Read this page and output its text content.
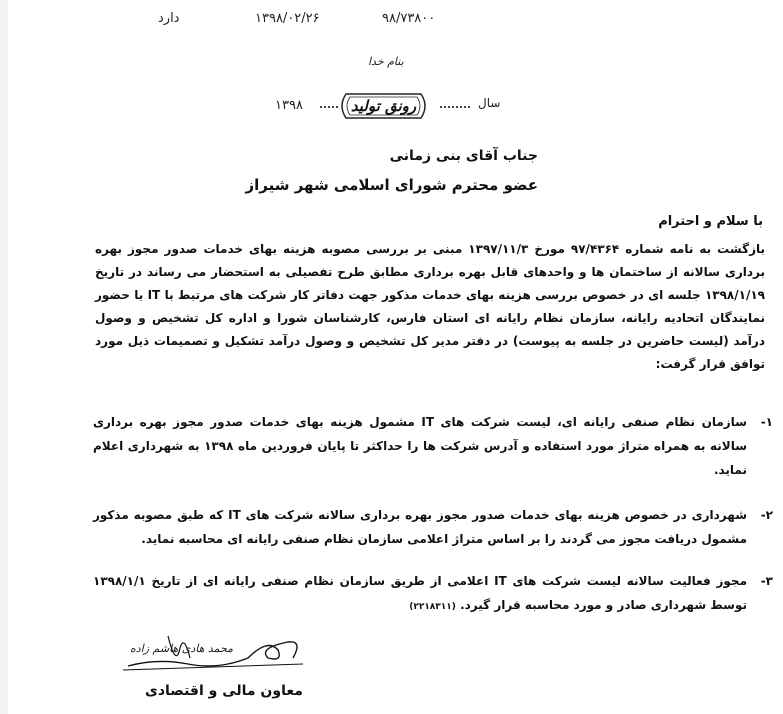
دارد	۱۳۹۸/۰۲/۲۶	۹۸/۷۳۸۰۰
بنام خدا
۱۳۹۸	رونق تولید	سال
جناب آقای بنی زمانی
عضو محترم شورای اسلامی شهر شیراز
با سلام و احترام
بازگشت به نامه شماره ۹۷/۴۳۶۴ مورخ ۱۳۹۷/۱۱/۳ مبنی بر بررسی مصوبه هزینه بهای خدمات صدور مجوز بهره برداری سالانه از ساختمان ها و واحدهای قابل بهره برداری مطابق طرح تفصیلی به استحضار می رساند در تاریخ ۱۳۹۸/۱/۱۹ جلسه ای در خصوص بررسی هزینه بهای خدمات مذکور جهت دفاتر کار شرکت های مرتبط با IT با حضور نمایندگان اتحادیه رایانه، سازمان نظام رایانه ای استان فارس، کارشناسان شورا و اداره کل تشخیص و وصول درآمد (لیست حاضرین در جلسه به پیوست) در دفتر مدیر کل تشخیص و وصول درآمد تشکیل و تصمیمات ذیل مورد توافق قرار گرفت:
۱-
سازمان نظام صنفی رایانه ای، لیست شرکت های IT مشمول هزینه بهای خدمات صدور مجوز بهره برداری سالانه به همراه متراژ مورد استفاده و آدرس شرکت ها را حداکثر تا پایان فروردین ماه ۱۳۹۸ به شهرداری اعلام نماید.
۲-
شهرداری در خصوص هزینه بهای خدمات صدور مجوز بهره برداری سالانه شرکت های IT که طبق مصوبه مذکور مشمول دریافت مجوز می گردند را بر اساس متراژ اعلامی سازمان نظام صنفی رایانه ای محاسبه نماید.
۳-
مجوز فعالیت سالانه لیست شرکت های IT اعلامی از طریق سازمان نظام صنفی رایانه ای از تاریخ ۱۳۹۸/۱/۱ توسط شهرداری صادر و مورد محاسبه قرار گیرد. (۲۲۱۸۳۱۱)
محمد هادی هاشم زاده
معاون مالی و اقتصادی
